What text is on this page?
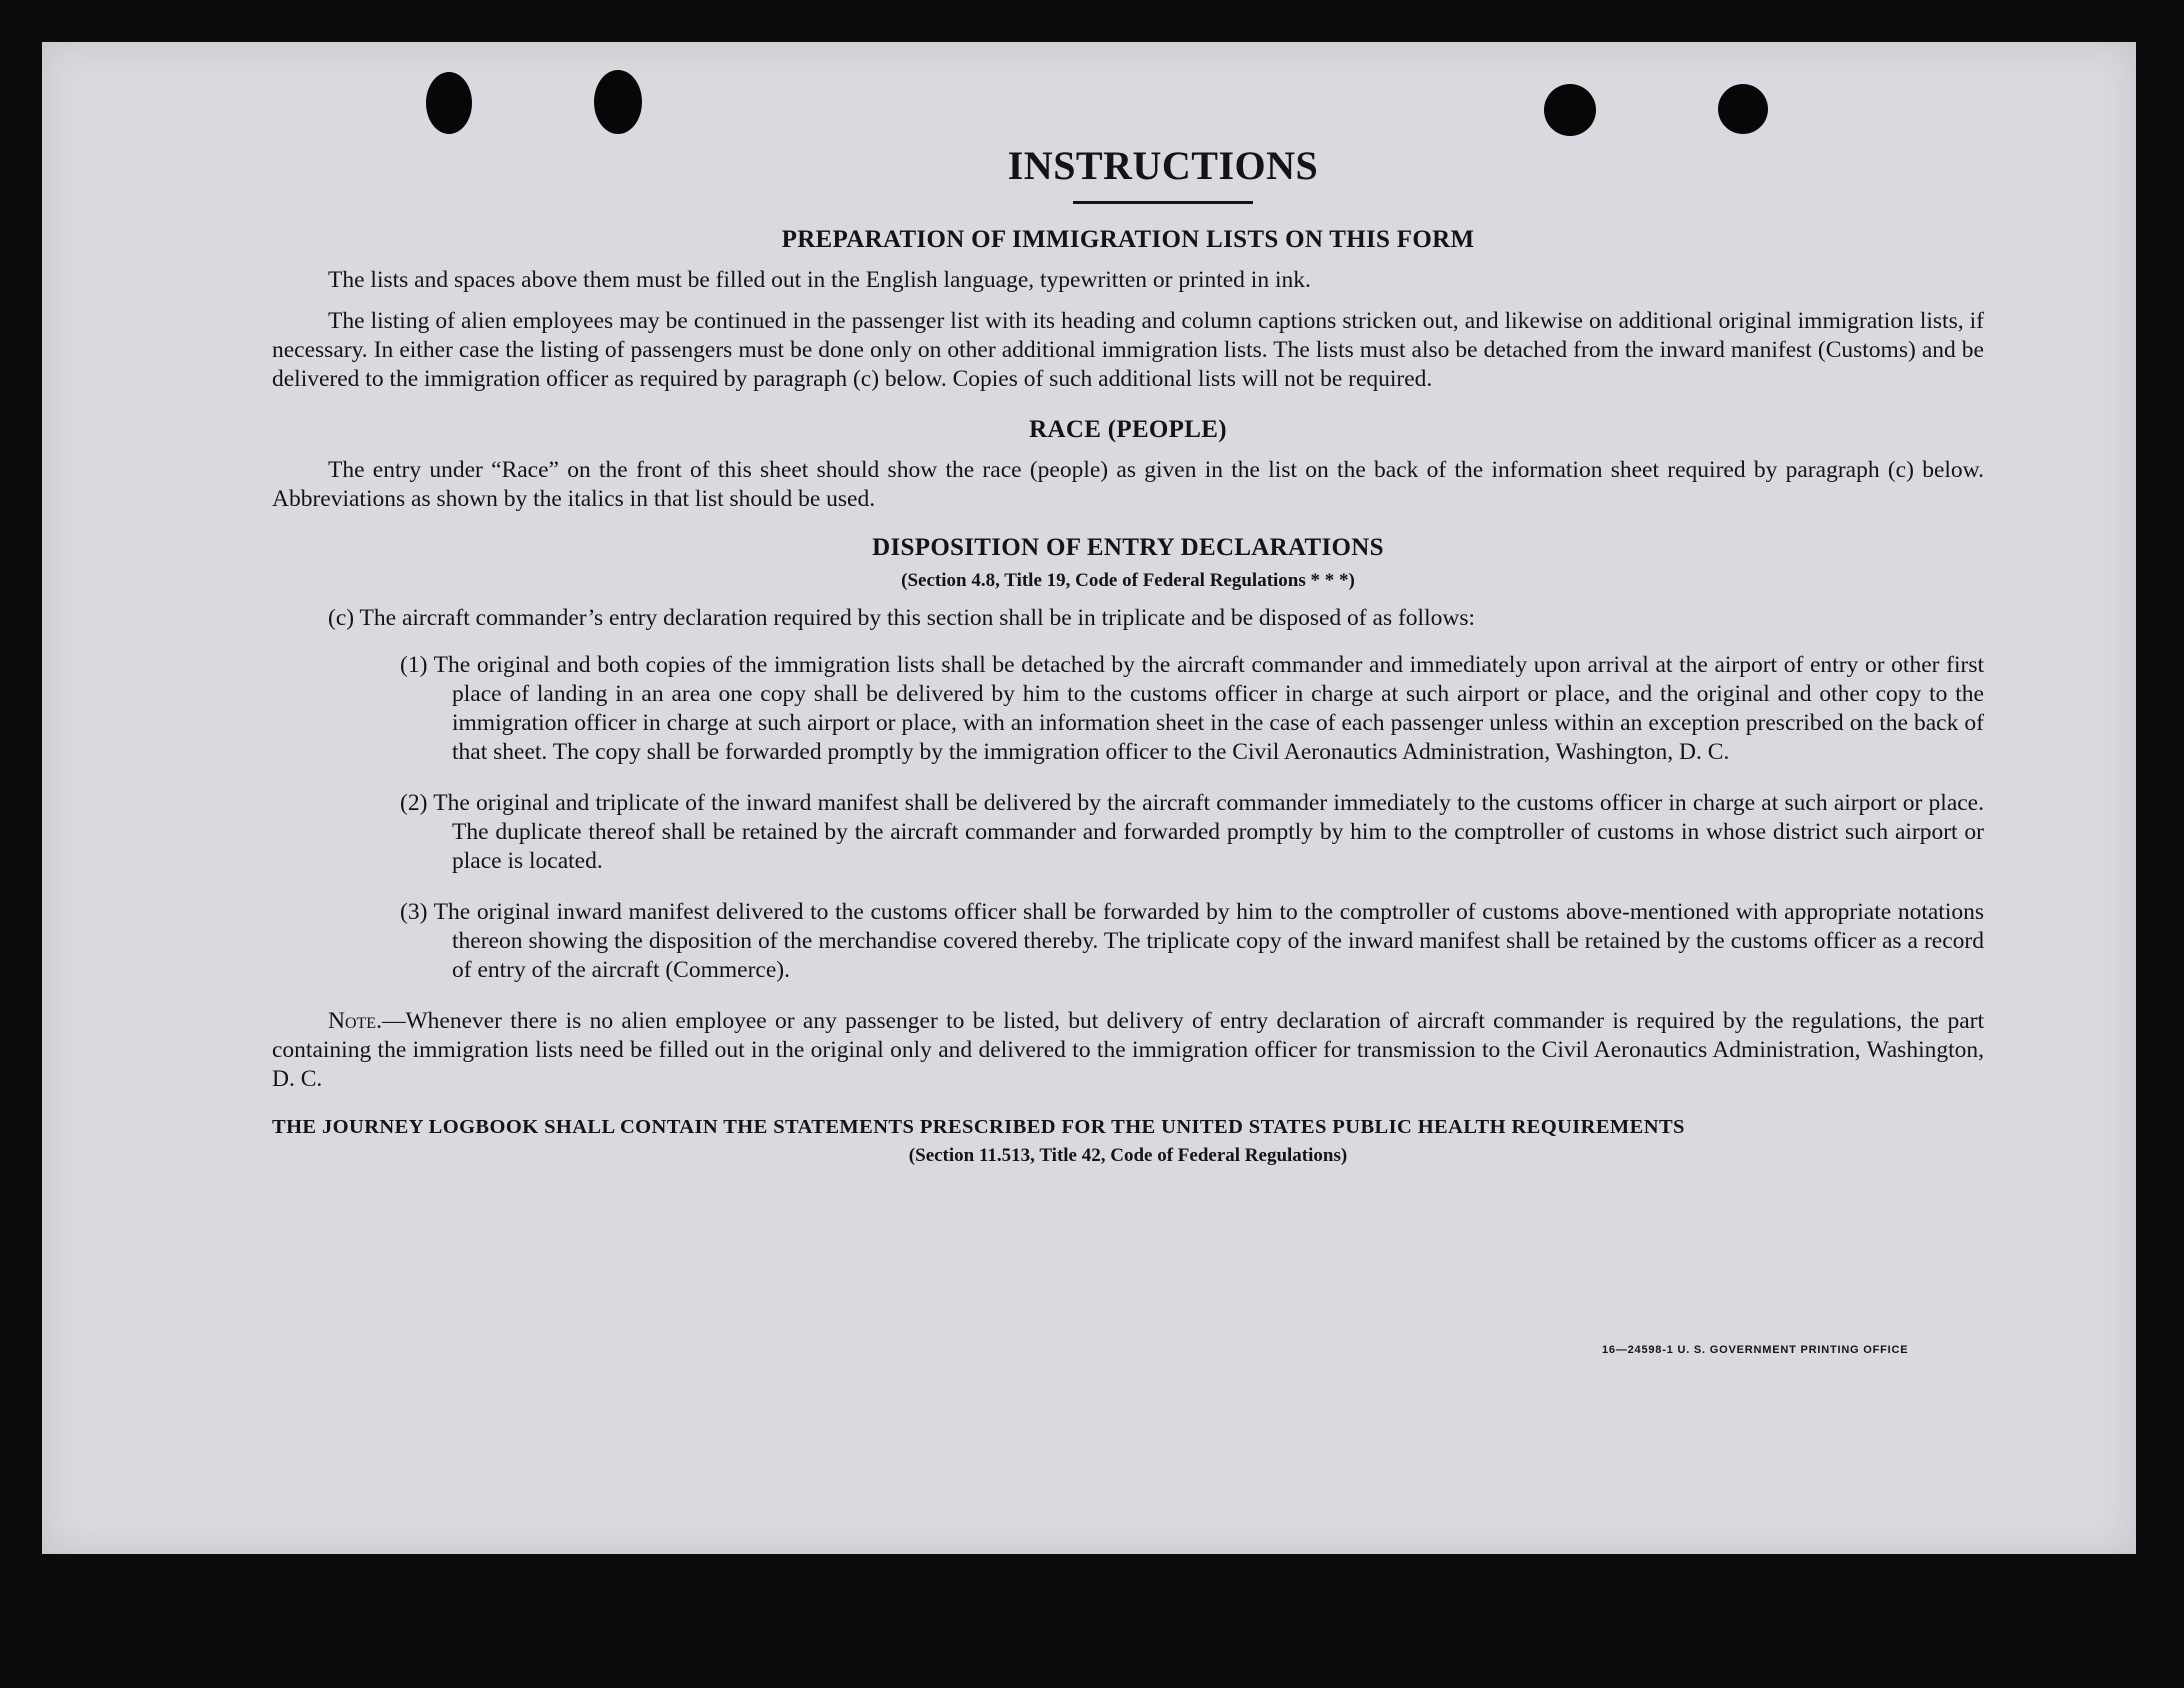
INSTRUCTIONS
PREPARATION OF IMMIGRATION LISTS ON THIS FORM

The lists and spaces above them must be filled out in the English language, typewritten or printed in ink.

The listing of alien employees may be continued in the passenger list with its heading and column captions stricken out, and likewise on additional original immigration lists, if necessary. In either case the listing of passengers must be done only on other additional immigration lists. The lists must also be detached from the inward manifest (Customs) and be delivered to the immigration officer as required by paragraph (c) below. Copies of such additional lists will not be required.

RACE (PEOPLE)

The entry under “Race” on the front of this sheet should show the race (people) as given in the list on the back of the information sheet required by paragraph (c) below. Abbreviations as shown by the italics in that list should be used.

DISPOSITION OF ENTRY DECLARATIONS
(Section 4.8, Title 19, Code of Federal Regulations * * *)
(c) The aircraft commander’s entry declaration required by this section shall be in triplicate and be disposed of as follows:
(1) The original and both copies of the immigration lists shall be detached by the aircraft commander and immediately upon arrival at the airport of entry or other first place of landing in an area one copy shall be delivered by him to the customs officer in charge at such airport or place, and the original and other copy to the immigration officer in charge at such airport or place, with an information sheet in the case of each passenger unless within an exception prescribed on the back of that sheet. The copy shall be forwarded promptly by the immigration officer to the Civil Aeronautics Administration, Washington, D. C.
(2) The original and triplicate of the inward manifest shall be delivered by the aircraft commander immediately to the customs officer in charge at such airport or place. The duplicate thereof shall be retained by the aircraft commander and forwarded promptly by him to the comptroller of customs in whose district such airport or place is located.
(3) The original inward manifest delivered to the customs officer shall be forwarded by him to the comptroller of customs above-mentioned with appropriate notations thereon showing the disposition of the merchandise covered thereby. The triplicate copy of the inward manifest shall be retained by the customs officer as a record of entry of the aircraft (Commerce).

Note.—Whenever there is no alien employee or any passenger to be listed, but delivery of entry declaration of aircraft commander is required by the regulations, the part containing the immigration lists need be filled out in the original only and delivered to the immigration officer for transmission to the Civil Aeronautics Administration, Washington, D. C.

THE JOURNEY LOGBOOK SHALL CONTAIN THE STATEMENTS PRESCRIBED FOR THE UNITED STATES PUBLIC HEALTH REQUIREMENTS
(Section 11.513, Title 42, Code of Federal Regulations)
16—24598-1 U. S. GOVERNMENT PRINTING OFFICE
